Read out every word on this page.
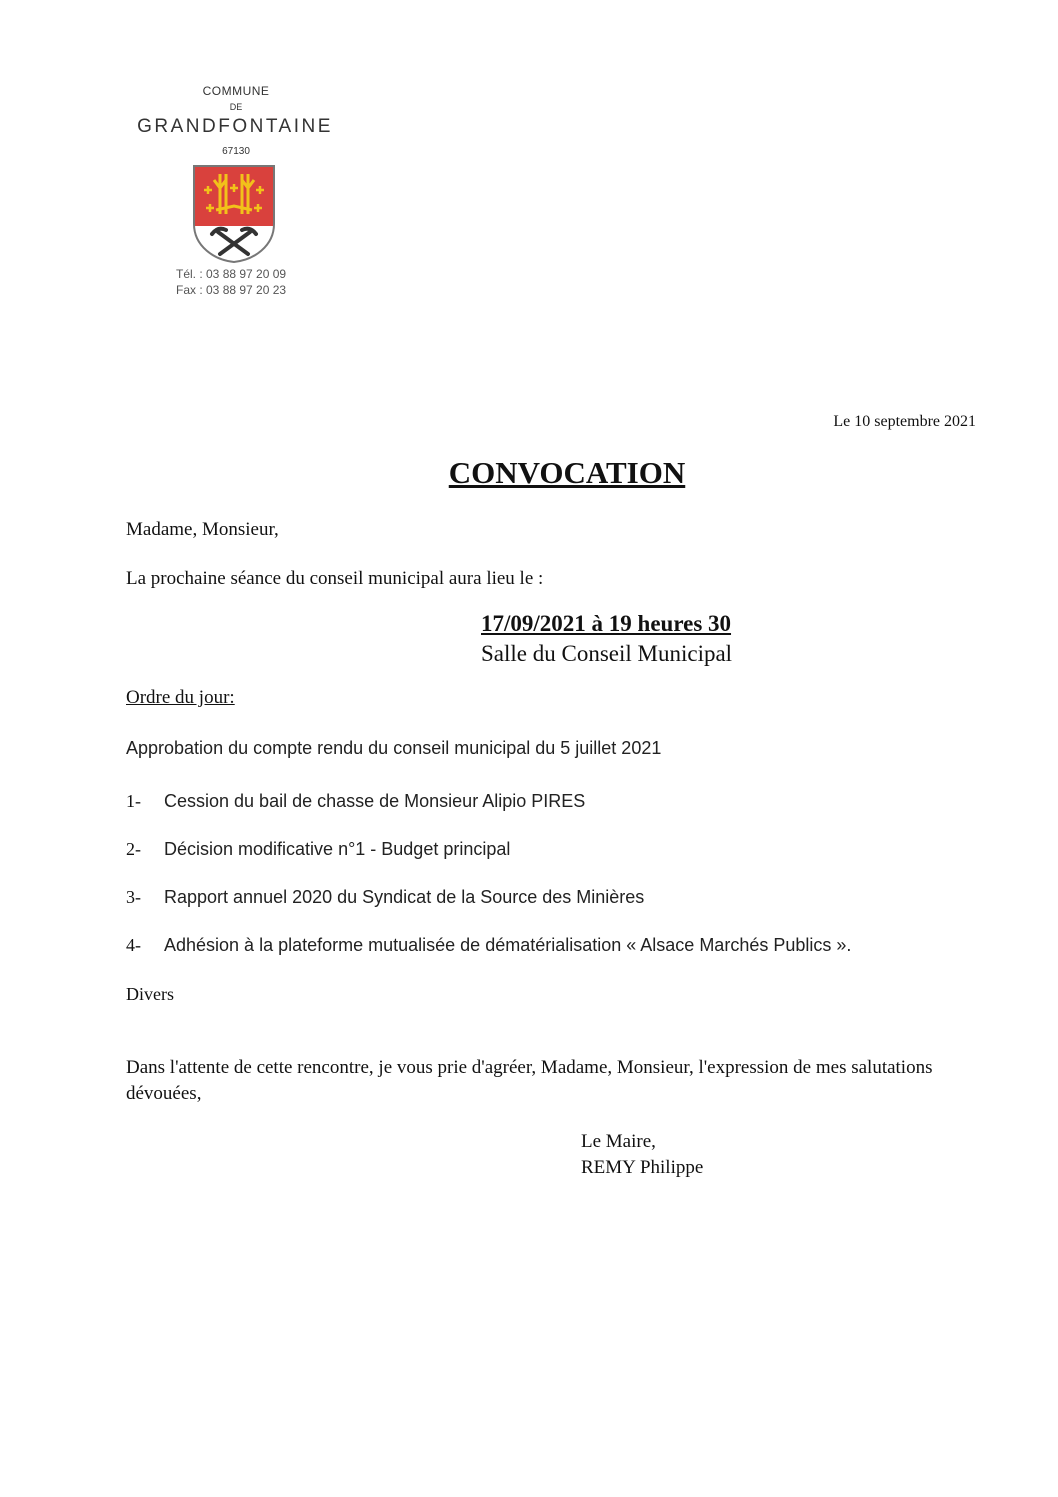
COMMUNE
DE
GRANDFONTAINE
67130
Tél. : 03 88 97 20 09
Fax : 03 88 97 20 23
Le 10 septembre 2021
CONVOCATION
Madame, Monsieur,
La prochaine séance du conseil municipal aura lieu le :
17/09/2021 à 19 heures 30
Salle du Conseil Municipal
Ordre du jour:
Approbation du compte rendu du conseil municipal du 5 juillet 2021
1- Cession du bail de chasse de Monsieur Alipio PIRES
2- Décision modificative n°1 - Budget principal
3- Rapport annuel 2020 du Syndicat de la Source des Minières
4- Adhésion à la plateforme mutualisée de dématérialisation « Alsace Marchés Publics ».
Divers
Dans l'attente de cette rencontre, je vous prie d'agréer, Madame, Monsieur, l'expression de mes salutations dévouées,
Le Maire,
REMY Philippe
